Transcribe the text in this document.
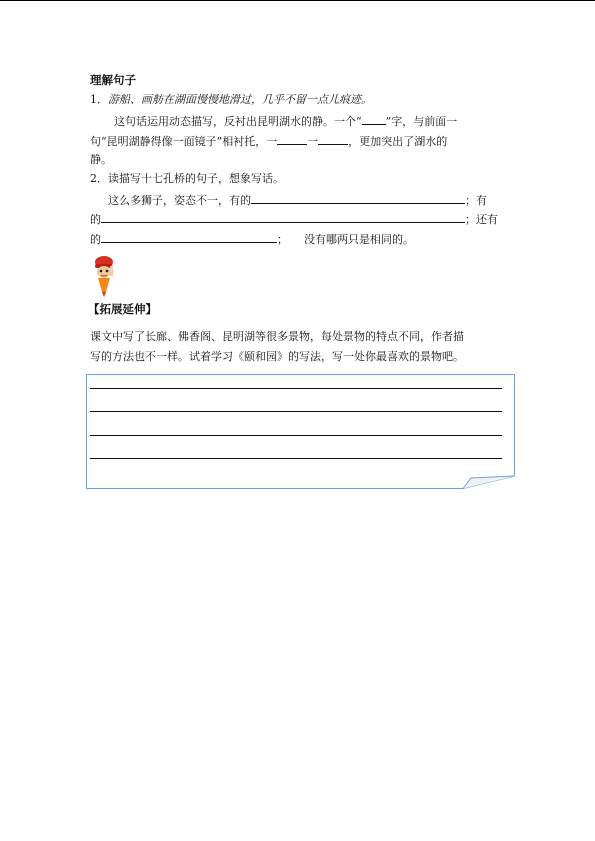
理解句子
1．游船、画舫在湖面慢慢地滑过，几乎不留一点儿痕迹。
这句话运用动态描写，反衬出昆明湖水的静。一个“ ”字，与前面一
句“昆明湖静得像一面镜子”相衬托，一	一	，更加突出了湖水的
静。
2．读描写十七孔桥的句子，想象写话。
这么多狮子，姿态不一，有的	；有
的	；还有
的	； 没有哪两只是相同的。
【拓展延伸】
课文中写了长廊、佛香阁、昆明湖等很多景物，每处景物的特点不同，作者描
写的方法也不一样。试着学习《颐和园》的写法，写一处你最喜欢的景物吧。
